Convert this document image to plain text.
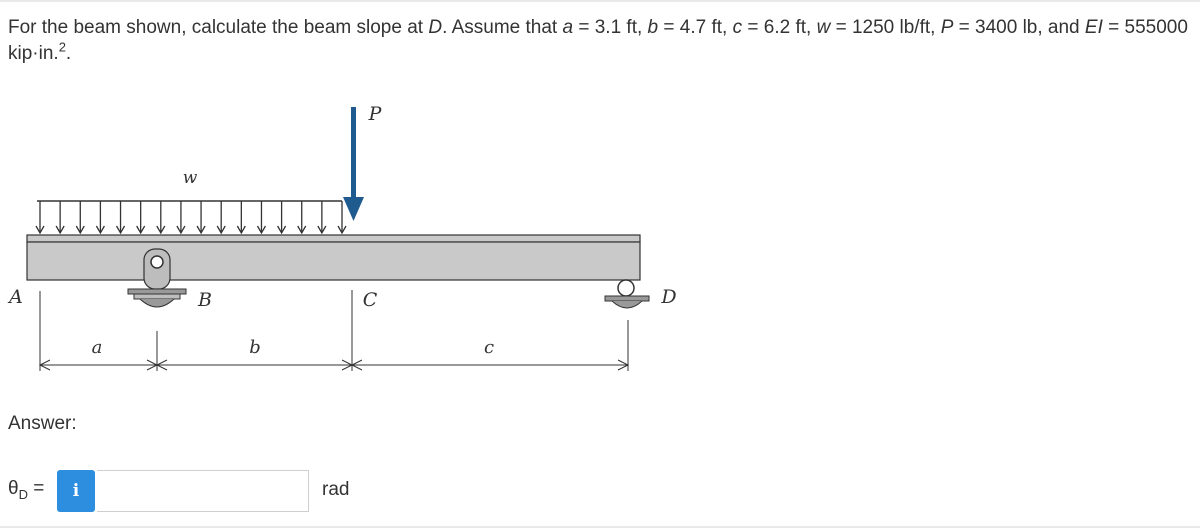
For the beam shown, calculate the beam slope at D. Assume that a = 3.1 ft, b = 4.7 ft, c = 6.2 ft, w = 1250 lb/ft, P = 3400 lb, and EI = 555000 kip·in.$^2$.
w
P
A	B	C	D
a	b	c
Answer:
$\theta_D$ =	i	rad
